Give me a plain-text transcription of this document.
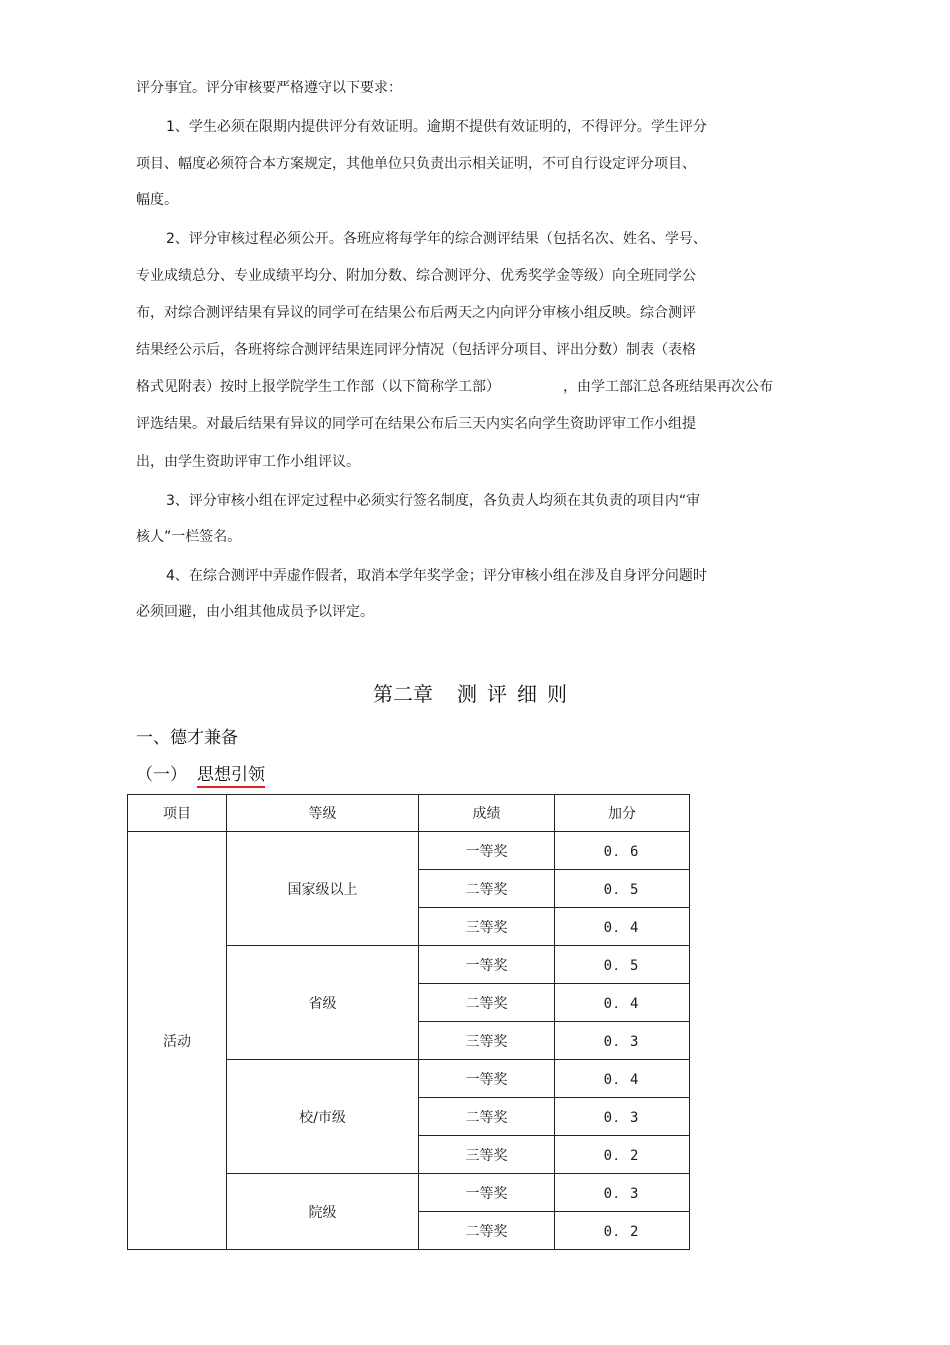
评分事宜。评分审核要严格遵守以下要求：

1、学生必须在限期内提供评分有效证明。逾期不提供有效证明的，不得评分。学生评分

项目、幅度必须符合本方案规定，其他单位只负责出示相关证明，不可自行设定评分项目、

幅度。

2、评分审核过程必须公开。各班应将每学年的综合测评结果（包括名次、姓名、学号、

专业成绩总分、专业成绩平均分、附加分数、综合测评分、优秀奖学金等级）向全班同学公

布，对综合测评结果有异议的同学可在结果公布后两天之内向评分审核小组反映。综合测评

结果经公示后，各班将综合测评结果连同评分情况（包括评分项目、评出分数）制表（表格

格式见附表）按时上报学院学生工作部（以下简称学工部）	，由学工部汇总各班结果再次公布

评选结果。对最后结果有异议的同学可在结果公布后三天内实名向学生资助评审工作小组提

出，由学生资助评审工作小组评议。

3、评分审核小组在评定过程中必须实行签名制度，各负责人均须在其负责的项目内“审

核人”一栏签名。

4、在综合测评中弄虚作假者，取消本学年奖学金；评分审核小组在涉及自身评分问题时

必须回避，由小组其他成员予以评定。

第二章 测评细则
一、德才兼备
（一） 思想引领
项目	等级	成绩	加分
活动	国家级以上	一等奖	0．6
		二等奖	0．5
		三等奖	0．4
	省级	一等奖	0．5
		二等奖	0．4
		三等奖	0．3
	校/市级	一等奖	0．4
		二等奖	0．3
		三等奖	0．2
	院级	一等奖	0．3
		二等奖	0．2
